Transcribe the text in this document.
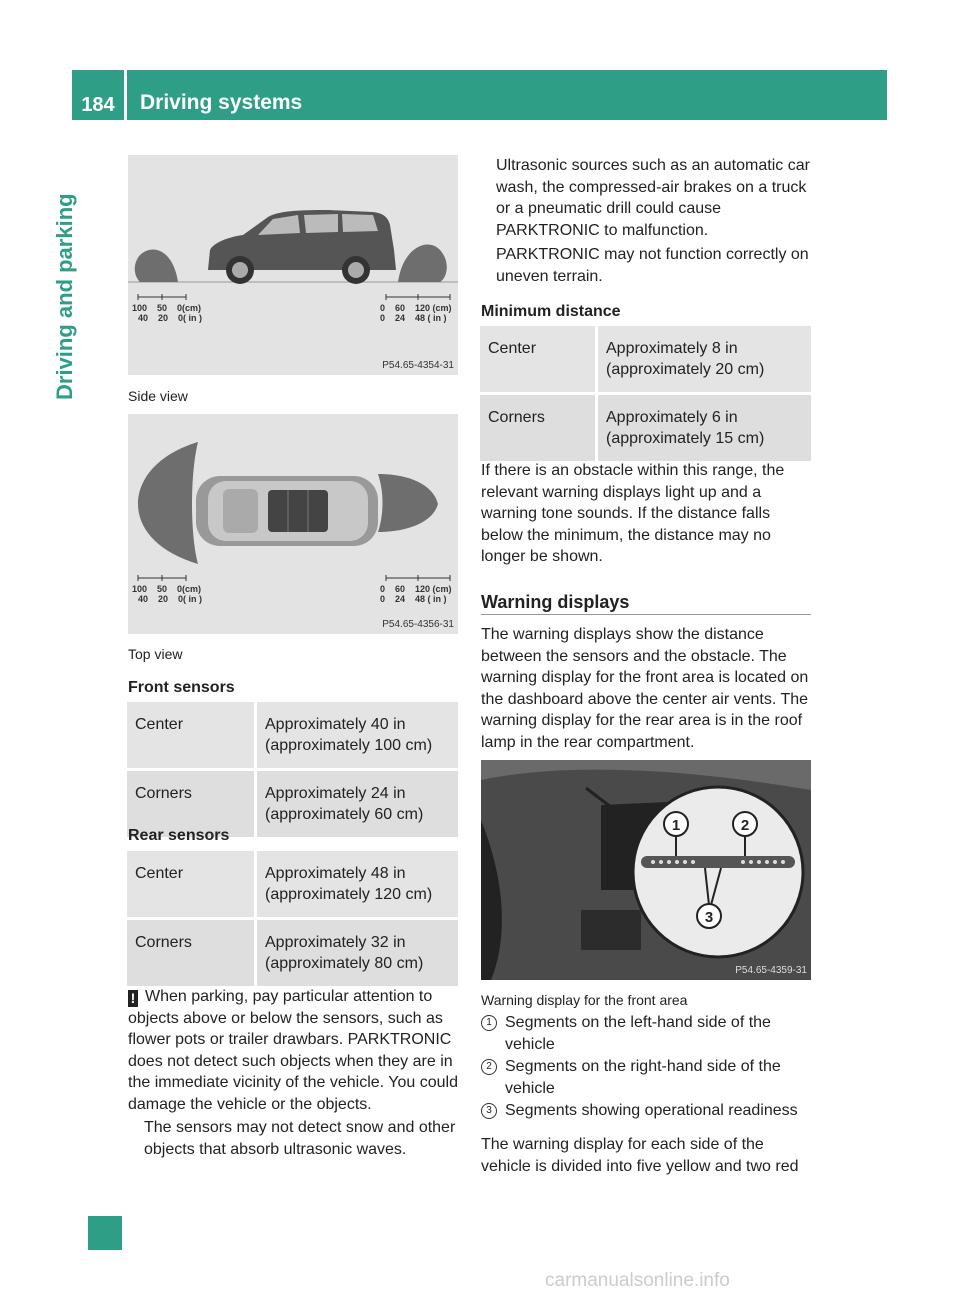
184	Driving systems
Driving and parking	100    50    0(cm)
40    20    0( in )
0    60    120 (cm)
0    24    48 ( in )
P54.65-4354-31
Side view
100    50    0(cm)
40    20    0( in )
0    60    120 (cm)
0    24    48 ( in )
P54.65-4356-31
Top view
Front sensors
Center	Approximately 40 in
(approximately 100 cm)

Corners	Approximately 24 in
(approximately 60 cm)
Rear sensors
Center	Approximately 48 in
(approximately 120 cm)

Corners	Approximately 32 in
(approximately 80 cm)

! When parking, pay particular attention to objects above or below the sensors, such as flower pots or trailer drawbars. PARKTRONIC does not detect such objects when they are in the immediate vicinity of the vehicle. You could damage the vehicle or the objects.

The sensors may not detect snow and other objects that absorb ultrasonic waves.

Ultrasonic sources such as an automatic car wash, the compressed-air brakes on a truck or a pneumatic drill could cause PARKTRONIC to malfunction.

PARKTRONIC may not function correctly on uneven terrain.

Minimum distance
Center	Approximately 8 in
(approximately 20 cm)

Corners	Approximately 6 in
(approximately 15 cm)
If there is an obstacle within this range, the relevant warning displays light up and a warning tone sounds. If the distance falls below the minimum, the distance may no longer be shown.
Warning displays
The warning displays show the distance between the sensors and the obstacle. The warning display for the front area is located on the dashboard above the center air vents. The warning display for the rear area is in the roof lamp in the rear compartment.
1	2
3
P54.65-4359-31
Warning display for the front area
1 Segments on the left-hand side of the vehicle
2 Segments on the right-hand side of the vehicle
3 Segments showing operational readiness
The warning display for each side of the vehicle is divided into five yellow and two red
carmanualsonline.info
